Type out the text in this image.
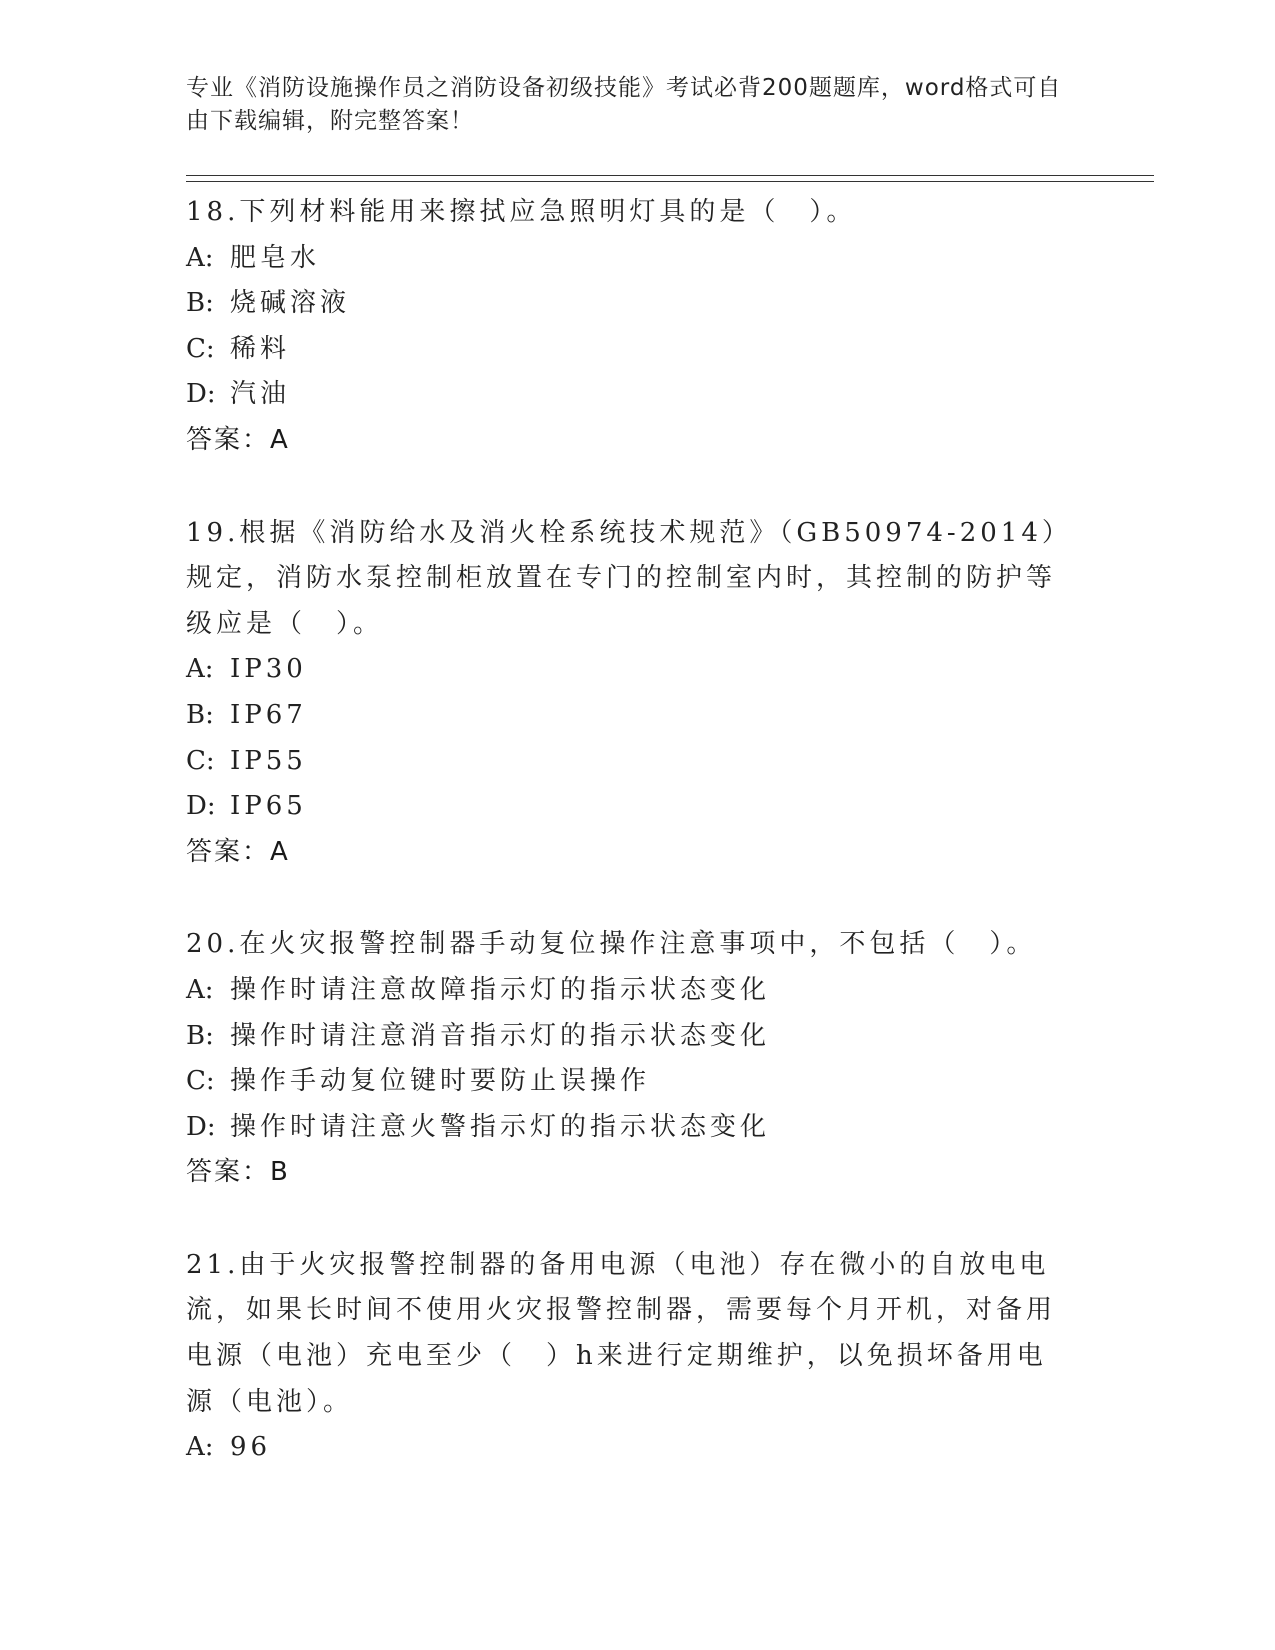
专业《消防设施操作员之消防设备初级技能》考试必背200题题库，word格式可自由下载编辑，附完整答案！

18.下列材料能用来擦拭应急照明灯具的是（　）。

A: 肥皂水
B: 烧碱溶液
C: 稀料
D: 汽油

答案：A

19.根据《消防给水及消火栓系统技术规范》（GB50974-2014）规定，消防水泵控制柜放置在专门的控制室内时，其控制的防护等级应是（　）。

A: IP30
B: IP67
C: IP55
D: IP65

答案：A

20.在火灾报警控制器手动复位操作注意事项中，不包括（　）。

A: 操作时请注意故障指示灯的指示状态变化
B: 操作时请注意消音指示灯的指示状态变化
C: 操作手动复位键时要防止误操作
D: 操作时请注意火警指示灯的指示状态变化

答案：B

21.由于火灾报警控制器的备用电源（电池）存在微小的自放电电流，如果长时间不使用火灾报警控制器，需要每个月开机，对备用电源（电池）充电至少（　）h来进行定期维护，以免损坏备用电源（电池）。

A: 96
